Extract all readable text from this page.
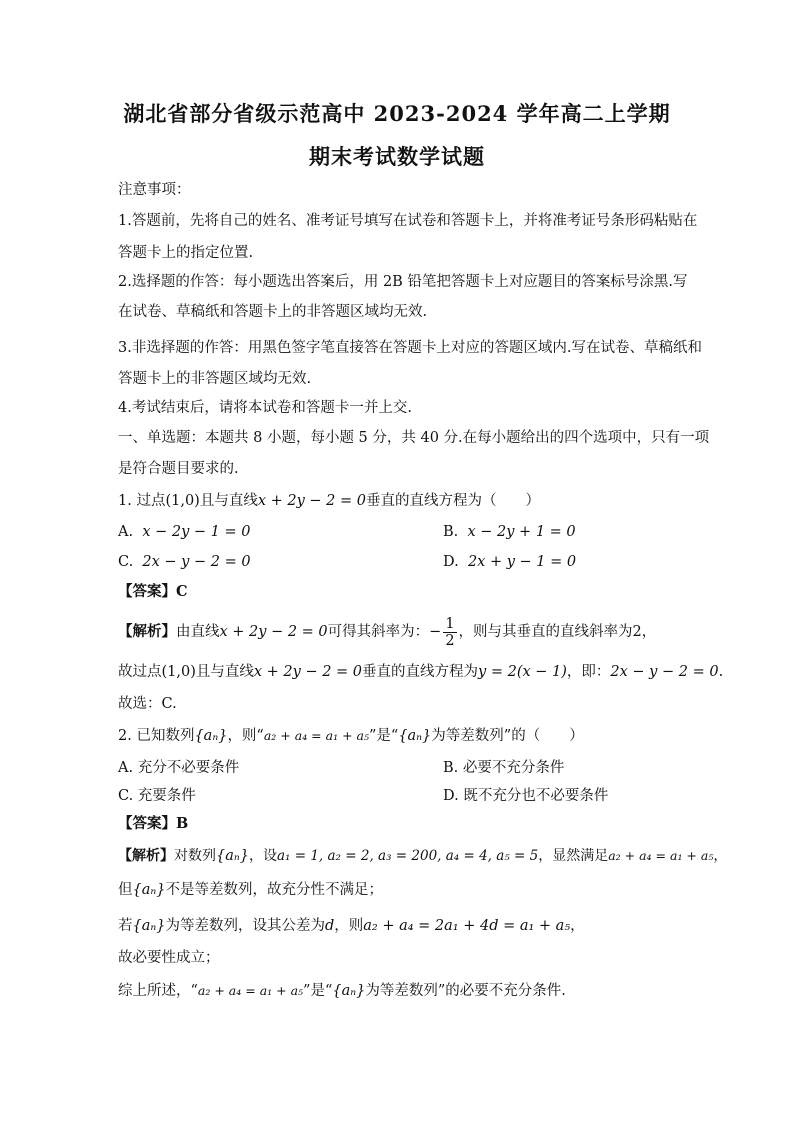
湖北省部分省级示范高中 2023-2024 学年高二上学期
期末考试数学试题
注意事项：
1.答题前，先将自己的姓名、准考证号填写在试卷和答题卡上，并将准考证号条形码粘贴在
答题卡上的指定位置.
2.选择题的作答：每小题选出答案后，用 2B 铅笔把答题卡上对应题目的答案标号涂黑.写
在试卷、草稿纸和答题卡上的非答题区域均无效.
3.非选择题的作答：用黑色签字笔直接答在答题卡上对应的答题区域内.写在试卷、草稿纸和
答题卡上的非答题区域均无效.
4.考试结束后，请将本试卷和答题卡一并上交.
一、单选题：本题共 8 小题，每小题 5 分，共 40 分.在每小题给出的四个选项中，只有一项
是符合题目要求的.
1. 过点(1,0)且与直线x + 2y − 2 = 0垂直的直线方程为（　　）
A. x − 2y − 1 = 0	B. x − 2y + 1 = 0
C. 2x − y − 2 = 0	D. 2x + y − 1 = 0
【答案】C
【解析】由直线x + 2y − 2 = 0可得其斜率为：− $\frac{1}{2}$ ，则与其垂直的直线斜率为2，
故过点(1,0)且与直线x + 2y − 2 = 0垂直的直线方程为y = 2(x − 1)，即：2x − y − 2 = 0.
故选：C.
2. 已知数列{aₙ}，则“a₂ + a₄ = a₁ + a₅”是“{aₙ}为等差数列”的（　　）
A. 充分不必要条件	B. 必要不充分条件
C. 充要条件	D. 既不充分也不必要条件
【答案】B
【解析】对数列{aₙ}，设a₁ = 1, a₂ = 2, a₃ = 200, a₄ = 4, a₅ = 5，显然满足a₂ + a₄ = a₁ + a₅，
但{aₙ}不是等差数列，故充分性不满足；
若{aₙ}为等差数列，设其公差为d，则a₂ + a₄ = 2a₁ + 4d = a₁ + a₅，
故必要性成立；
综上所述，“a₂ + a₄ = a₁ + a₅”是“{aₙ}为等差数列”的必要不充分条件.
